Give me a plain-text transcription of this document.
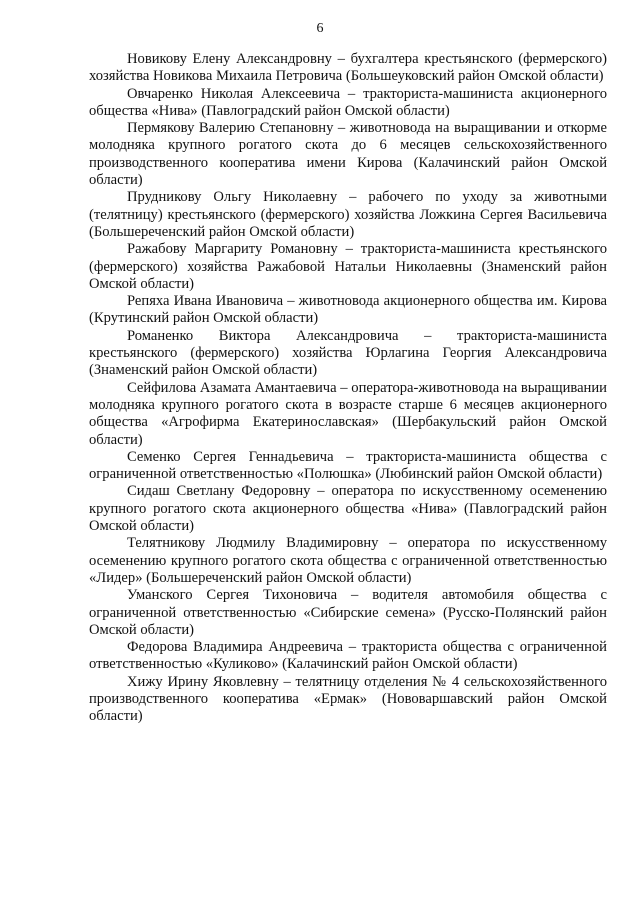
6

Новикову Елену Александровну – бухгалтера крестьянского (фермерского) хозяйства Новикова Михаила Петровича (Большеуковский район Омской области)

Овчаренко Николая Алексеевича – тракториста-машиниста акционерного общества «Нива» (Павлоградский район Омской области)

Пермякову Валерию Степановну – животновода на выращивании и откорме молодняка крупного рогатого скота до 6 месяцев сельскохозяйственного производственного кооператива имени Кирова (Калачинский район Омской области)

Прудникову Ольгу Николаевну – рабочего по уходу за животными (телятницу) крестьянского (фермерского) хозяйства Ложкина Сергея Васильевича (Большереченский район Омской области)

Ражабову Маргариту Романовну – тракториста-машиниста крестьянского (фермерского) хозяйства Ражабовой Натальи Николаевны (Знаменский район Омской области)

Репяха Ивана Ивановича – животновода акционерного общества им. Кирова (Крутинский район Омской области)

Романенко Виктора Александровича – тракториста-машиниста крестьянского (фермерского) хозяйства Юрлагина Георгия Александровича (Знаменский район Омской области)

Сейфилова Азамата Амантаевича – оператора-животновода на выращивании молодняка крупного рогатого скота в возрасте старше 6 месяцев акционерного общества «Агрофирма Екатеринославская» (Шербакульский район Омской области)

Семенко Сергея Геннадьевича – тракториста-машиниста общества с ограниченной ответственностью «Полюшка» (Любинский район Омской области)

Сидаш Светлану Федоровну – оператора по искусственному осеменению крупного рогатого скота акционерного общества «Нива» (Павлоградский район Омской области)

Телятникову Людмилу Владимировну – оператора по искусственному осеменению крупного рогатого скота общества с ограниченной ответственностью «Лидер» (Большереченский район Омской области)

Уманского Сергея Тихоновича – водителя автомобиля общества с ограниченной ответственностью «Сибирские семена» (Русско-Полянский район Омской области)

Федорова Владимира Андреевича – тракториста общества с ограниченной ответственностью «Куликово» (Калачинский район Омской области)

Хижу Ирину Яковлевну – телятницу отделения № 4 сельскохозяйственного производственного кооператива «Ермак» (Нововаршавский район Омской области)
